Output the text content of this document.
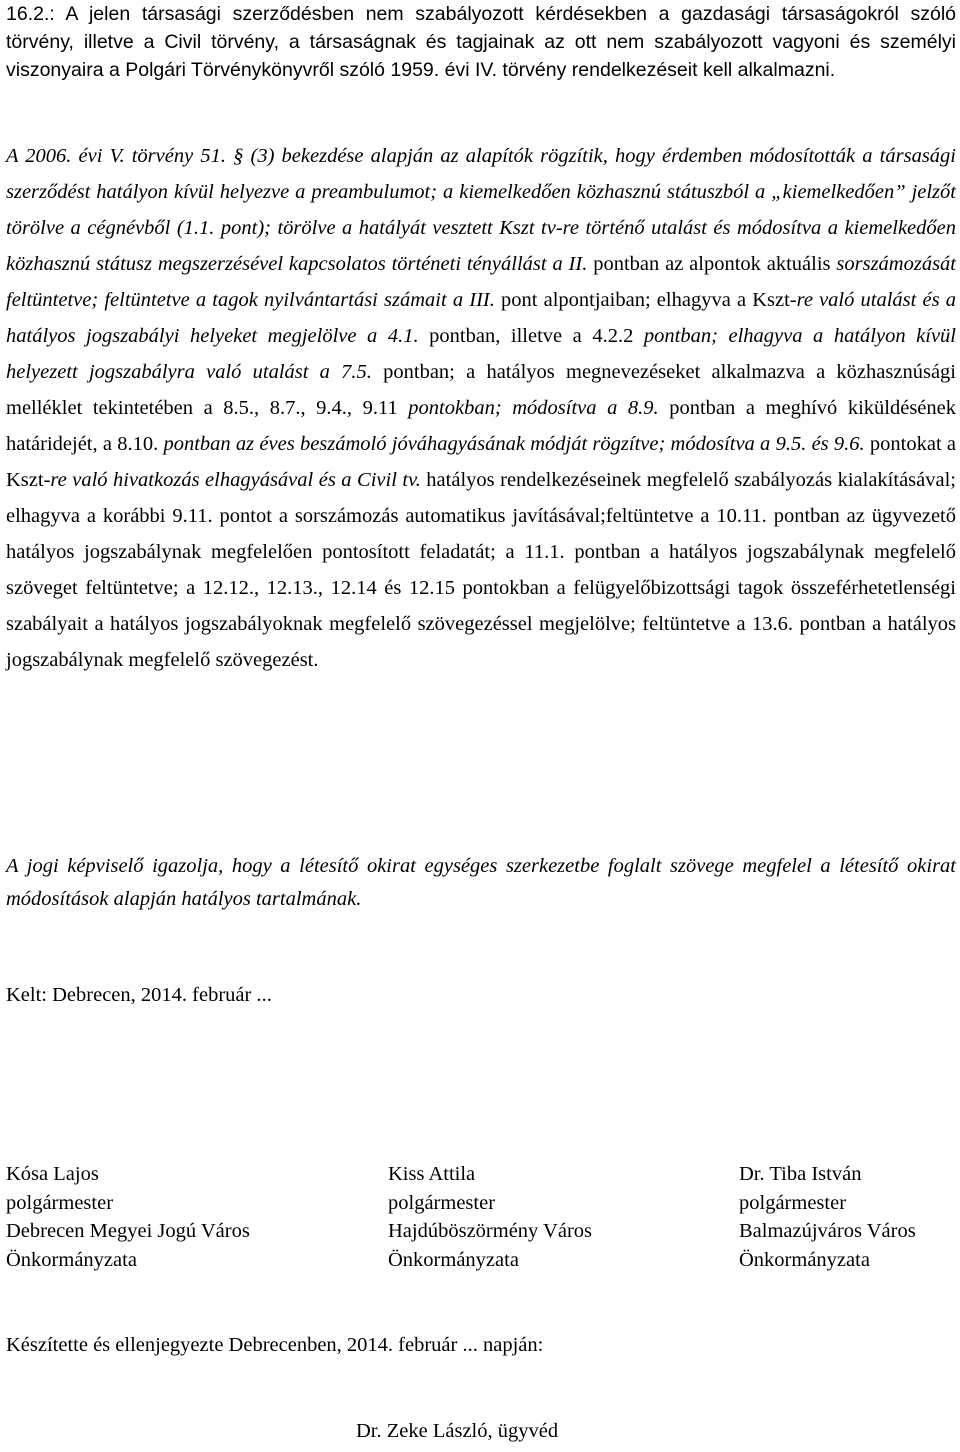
16.2.: A jelen társasági szerződésben nem szabályozott kérdésekben a gazdasági társaságokról szóló törvény, illetve a Civil törvény, a társaságnak és tagjainak az ott nem szabályozott vagyoni és személyi viszonyaira a Polgári Törvénykönyvről szóló 1959. évi IV. törvény rendelkezéseit kell alkalmazni.
A 2006. évi V. törvény 51. § (3) bekezdése alapján az alapítók rögzítik, hogy érdemben módosították a társasági szerződést hatályon kívül helyezve a preambulumot; a kiemelkedően közhasznú státuszból a „kiemelkedően” jelzőt törölve a cégnévből (1.1. pont); törölve a hatályát vesztett Kszt tv-re történő utalást és módosítva a kiemelkedően közhasznú státusz megszerzésével kapcsolatos történeti tényállást a II. pontban az alpontok aktuális sorszámozását feltüntetve; feltüntetve a tagok nyilvántartási számait a III. pont alpontjaiban; elhagyva a Kszt-re való utalást és a hatályos jogszabályi helyeket megjelölve a 4.1. pontban, illetve a 4.2.2 pontban; elhagyva a hatályon kívül helyezett jogszabályra való utalást a 7.5. pontban; a hatályos megnevezéseket alkalmazva a közhasznúsági melléklet tekintetében a 8.5., 8.7., 9.4., 9.11 pontokban; módosítva a 8.9. pontban a meghívó kiküldésének határidejét, a 8.10. pontban az éves beszámoló jóváhagyásának módját rögzítve; módosítva a 9.5. és 9.6. pontokat a Kszt-re való hivatkozás elhagyásával és a Civil tv. hatályos rendelkezéseinek megfelelő szabályozás kialakításával; elhagyva a korábbi 9.11. pontot a sorszámozás automatikus javításával;feltüntetve a 10.11. pontban az ügyvezető hatályos jogszabálynak megfelelően pontosított feladatát; a 11.1. pontban a hatályos jogszabálynak megfelelő szöveget feltüntetve; a 12.12., 12.13., 12.14 és 12.15 pontokban a felügyelőbizottsági tagok összeférhetetlenségi szabályait a hatályos jogszabályoknak megfelelő szövegezéssel megjelölve; feltüntetve a 13.6. pontban a hatályos jogszabálynak megfelelő szövegezést.
A jogi képviselő igazolja, hogy a létesítő okirat egységes szerkezetbe foglalt szövege megfelel a létesítő okirat módosítások alapján hatályos tartalmának.
Kelt: Debrecen, 2014. február ...
Kósa Lajos
polgármester
Debrecen Megyei Jogú Város
Önkormányzata
Kiss Attila
polgármester
Hajdúböszörmény Város
Önkormányzata
Dr. Tiba István
polgármester
Balmazújváros Város
Önkormányzata
Készítette és ellenjegyezte Debrecenben, 2014. február ... napján:
Dr. Zeke László, ügyvéd
